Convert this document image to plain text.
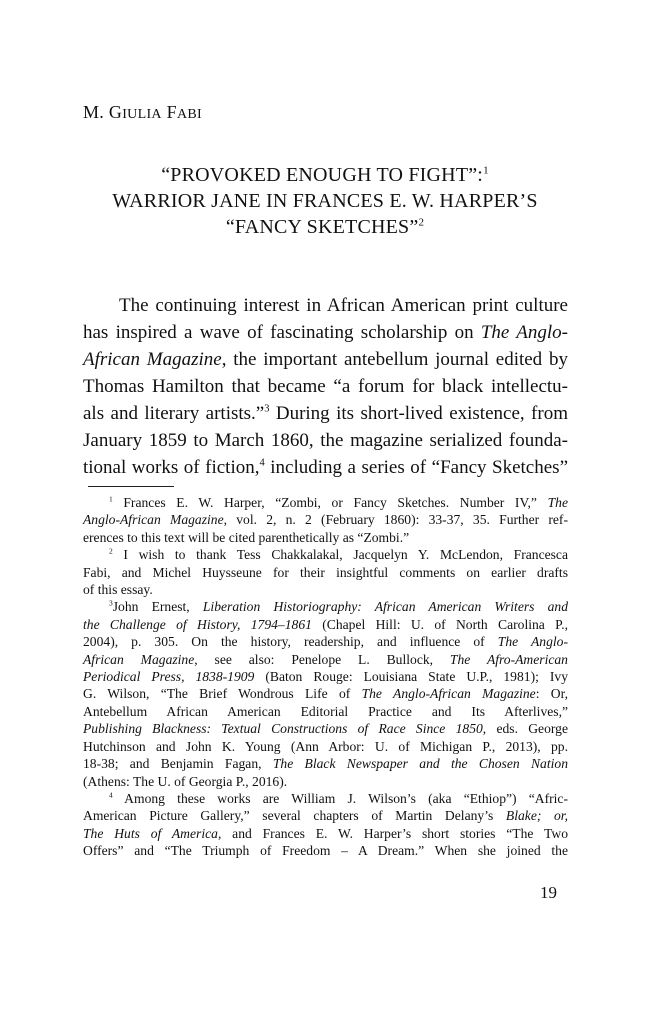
M. GIULIA FABI
“PROVOKED ENOUGH TO FIGHT”:$^1$
WARRIOR JANE IN FRANCES E. W. HARPER’S
“FANCY SKETCHES”$^2$
The continuing interest in African American print culture
has inspired a wave of fascinating scholarship on The Anglo-
African Magazine, the important antebellum journal edited by
Thomas Hamilton that became “a forum for black intellectu-
als and literary artists.”$^3$ During its short-lived existence, from
January 1859 to March 1860, the magazine serialized founda-
tional works of fiction,$^4$ including a series of “Fancy Sketches”
$^1$ Frances E. W. Harper, “Zombi, or Fancy Sketches. Number IV,” The
Anglo-African Magazine, vol. 2, n. 2 (February 1860): 33-37, 35. Further ref-
erences to this text will be cited parenthetically as “Zombi.”
$^2$ I wish to thank Tess Chakkalakal, Jacquelyn Y. McLendon, Francesca
Fabi, and Michel Huysseune for their insightful comments on earlier drafts
of this essay.
$^3$John Ernest, Liberation Historiography: African American Writers and
the Challenge of History, 1794–1861 (Chapel Hill: U. of North Carolina P.,
2004), p. 305. On the history, readership, and influence of The Anglo-
African Magazine, see also: Penelope L. Bullock, The Afro-American
Periodical Press, 1838-1909 (Baton Rouge: Louisiana State U.P., 1981); Ivy
G. Wilson, “The Brief Wondrous Life of The Anglo-African Magazine: Or,
Antebellum African American Editorial Practice and Its Afterlives,”
Publishing Blackness: Textual Constructions of Race Since 1850, eds. George
Hutchinson and John K. Young (Ann Arbor: U. of Michigan P., 2013), pp.
18-38; and Benjamin Fagan, The Black Newspaper and the Chosen Nation
(Athens: The U. of Georgia P., 2016).
$^4$ Among these works are William J. Wilson’s (aka “Ethiop”) “Afric-
American Picture Gallery,” several chapters of Martin Delany’s Blake; or,
The Huts of America, and Frances E. W. Harper’s short stories “The Two
Offers” and “The Triumph of Freedom – A Dream.” When she joined the
19
